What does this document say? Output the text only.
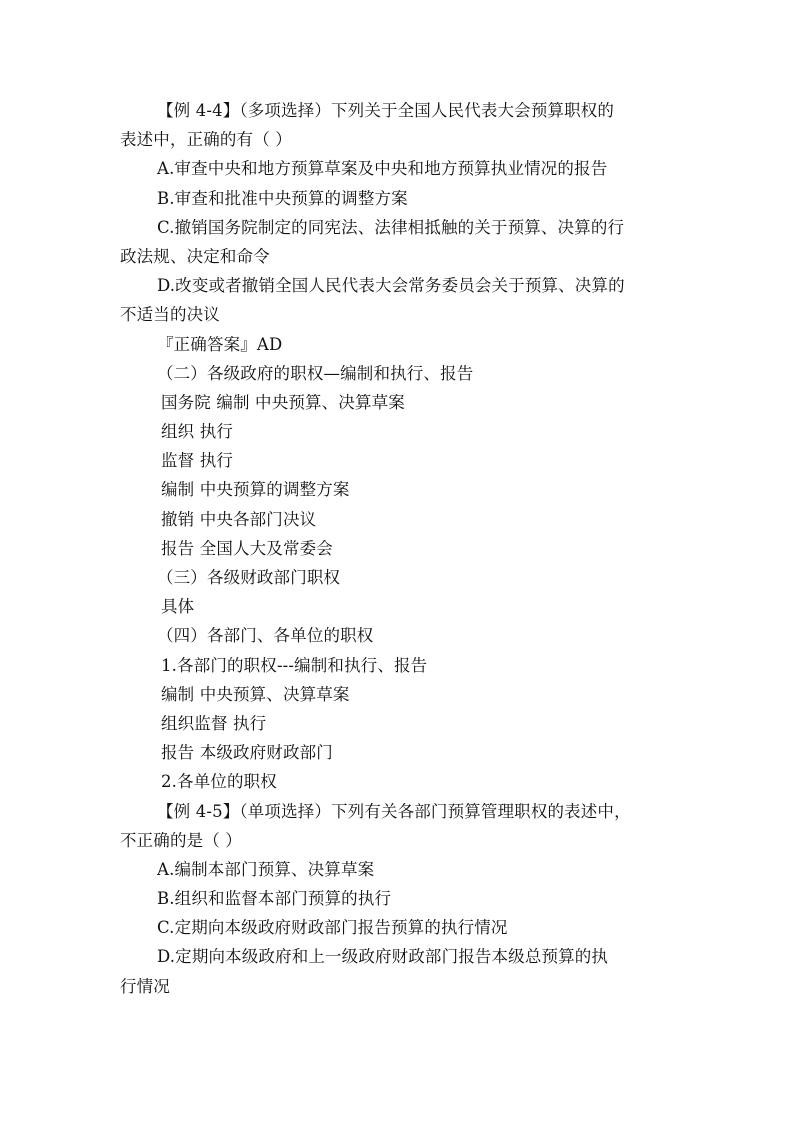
【例 4-4】（多项选择）下列关于全国人民代表大会预算职权的
表述中，正确的有（ ）
A.审查中央和地方预算草案及中央和地方预算执业情况的报告
B.审查和批准中央预算的调整方案
C.撤销国务院制定的同宪法、法律相抵触的关于预算、决算的行
政法规、决定和命令
D.改变或者撤销全国人民代表大会常务委员会关于预算、决算的
不适当的决议
『正确答案』AD
（二）各级政府的职权—编制和执行、报告
国务院 编制 中央预算、决算草案
组织 执行
监督 执行
编制 中央预算的调整方案
撤销 中央各部门决议
报告 全国人大及常委会
（三）各级财政部门职权
具体
（四）各部门、各单位的职权
1.各部门的职权---编制和执行、报告
编制 中央预算、决算草案
组织监督 执行
报告 本级政府财政部门
2.各单位的职权
【例 4-5】（单项选择）下列有关各部门预算管理职权的表述中，
不正确的是（ ）
A.编制本部门预算、决算草案
B.组织和监督本部门预算的执行
C.定期向本级政府财政部门报告预算的执行情况
D.定期向本级政府和上一级政府财政部门报告本级总预算的执
行情况
